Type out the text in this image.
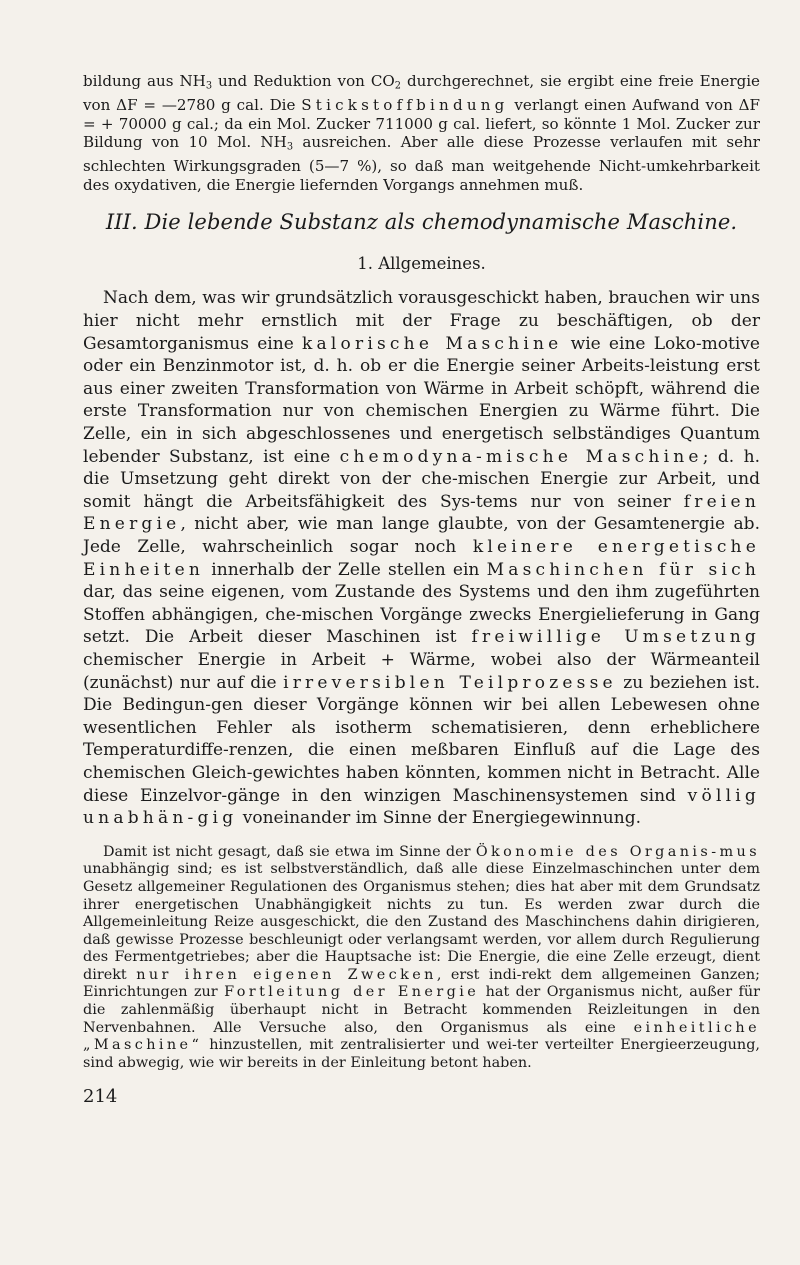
bildung aus $NH_3$ und Reduktion von $CO_2$ durchgerechnet, sie ergibt eine freie Energie von ΔF = —2780 g cal. Die Stickstoffbindung verlangt einen Aufwand von ΔF = + 70000 g cal.; da ein Mol. Zucker 711000 g cal. liefert, so könnte 1 Mol. Zucker zur Bildung von 10 Mol. $NH_3$ ausreichen. Aber alle diese Prozesse verlaufen mit sehr schlechten Wirkungsgraden (5—7 %), so daß man weitgehende Nicht-umkehrbarkeit des oxydativen, die Energie liefernden Vorgangs annehmen muß.

III. Die lebende Substanz als chemodynamische Maschine.
1. Allgemeines.

Nach dem, was wir grundsätzlich vorausgeschickt haben, brauchen wir uns hier nicht mehr ernstlich mit der Frage zu beschäftigen, ob der Gesamtorganismus eine kalorische Maschine wie eine Loko-motive oder ein Benzinmotor ist, d. h. ob er die Energie seiner Arbeits-leistung erst aus einer zweiten Transformation von Wärme in Arbeit schöpft, während die erste Transformation nur von chemischen Energien zu Wärme führt. Die Zelle, ein in sich abgeschlossenes und energetisch selbständiges Quantum lebender Substanz, ist eine chemodyna-mische Maschine; d. h. die Umsetzung geht direkt von der che-mischen Energie zur Arbeit, und somit hängt die Arbeitsfähigkeit des Sys-tems nur von seiner freien Energie, nicht aber, wie man lange glaubte, von der Gesamtenergie ab. Jede Zelle, wahrscheinlich sogar noch kleinere energetische Einheiten innerhalb der Zelle stellen ein Maschinchen für sich dar, das seine eigenen, vom Zustande des Systems und den ihm zugeführten Stoffen abhängigen, che-mischen Vorgänge zwecks Energielieferung in Gang setzt. Die Arbeit dieser Maschinen ist freiwillige Umsetzung chemischer Energie in Arbeit + Wärme, wobei also der Wärmeanteil (zunächst) nur auf die irreversiblen Teilprozesse zu beziehen ist. Die Bedingun-gen dieser Vorgänge können wir bei allen Lebewesen ohne wesentlichen Fehler als isotherm schematisieren, denn erheblichere Temperaturdiffe-renzen, die einen meßbaren Einfluß auf die Lage des chemischen Gleich-gewichtes haben könnten, kommen nicht in Betracht. Alle diese Einzelvor-gänge in den winzigen Maschinensystemen sind völlig unabhän-gig voneinander im Sinne der Energiegewinnung.

Damit ist nicht gesagt, daß sie etwa im Sinne der Ökonomie des Organis-mus unabhängig sind; es ist selbstverständlich, daß alle diese Einzelmaschinchen unter dem Gesetz allgemeiner Regulationen des Organismus stehen; dies hat aber mit dem Grundsatz ihrer energetischen Unabhängigkeit nichts zu tun. Es werden zwar durch die Allgemeinleitung Reize ausgeschickt, die den Zustand des Maschinchens dahin dirigieren, daß gewisse Prozesse beschleunigt oder verlangsamt werden, vor allem durch Regulierung des Fermentgetriebes; aber die Hauptsache ist: Die Energie, die eine Zelle erzeugt, dient direkt nur ihren eigenen Zwecken, erst indi-rekt dem allgemeinen Ganzen; Einrichtungen zur Fortleitung der Energie hat der Organismus nicht, außer für die zahlenmäßig überhaupt nicht in Betracht kommenden Reizleitungen in den Nervenbahnen. Alle Versuche also, den Organismus als eine einheitliche „Maschine“ hinzustellen, mit zentralisierter und wei-ter verteilter Energieerzeugung, sind abwegig, wie wir bereits in der Einleitung betont haben.

214
